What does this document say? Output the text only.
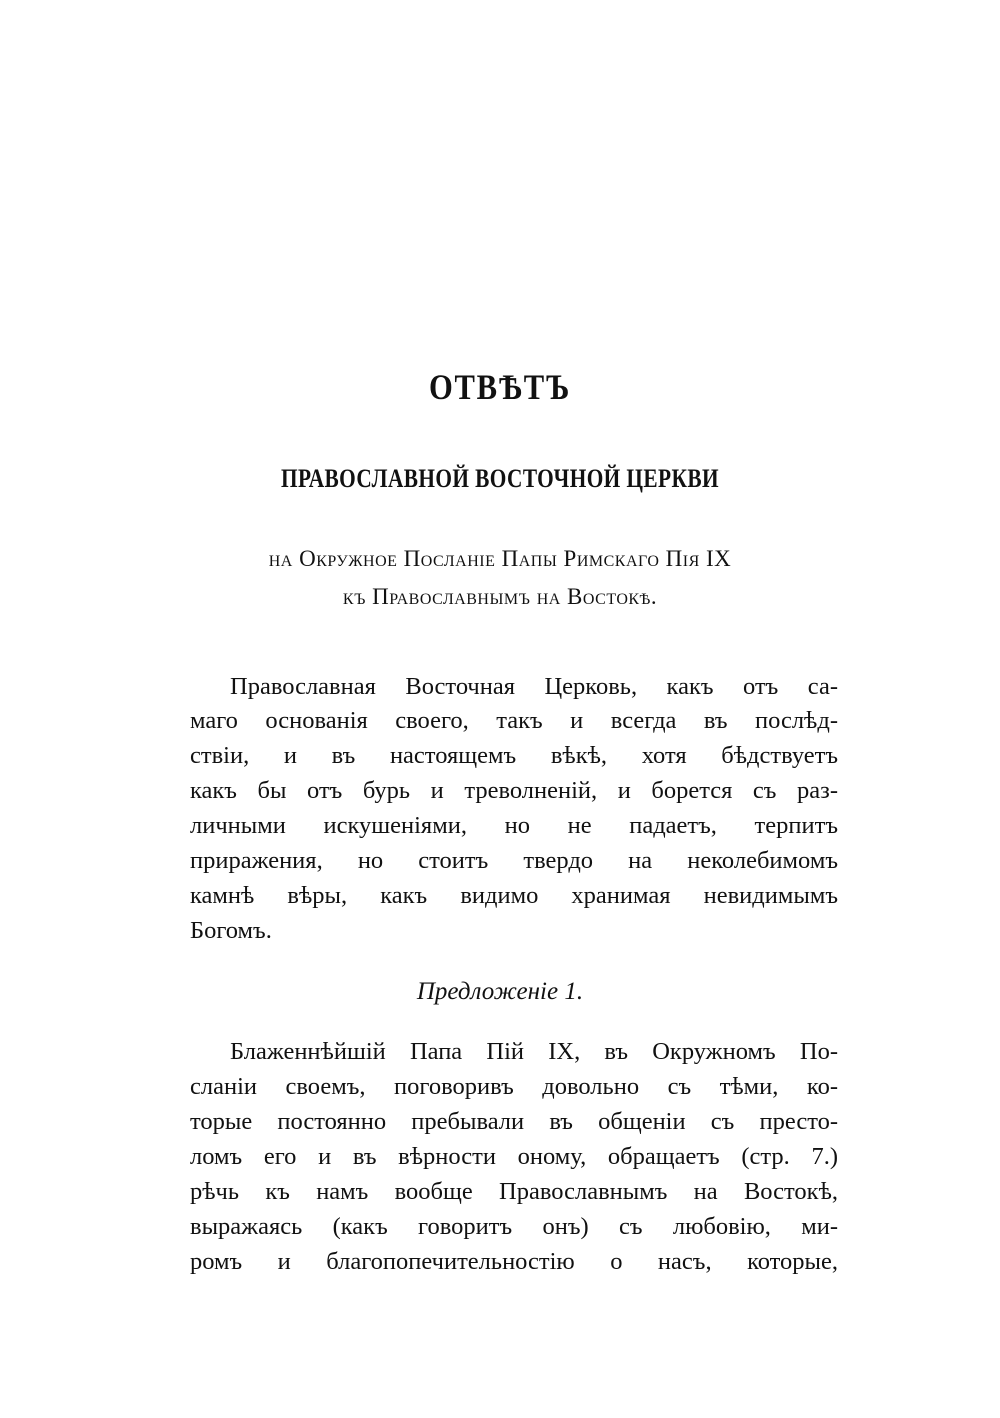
ОТВѢТЪ
ПРАВОСЛАВНОЙ ВОСТОЧНОЙ ЦЕРКВИ
на Окружное Посланіе Папы Римскаго Пія IX
къ Православнымъ на Востокѣ.
Православная Восточная Церковь, какъ отъ са-
маго основанія своего, такъ и всегда въ послѣд-
ствіи, и въ настоящемъ вѣкѣ, хотя бѣдствуетъ
какъ бы отъ бурь и треволненій, и борется съ раз-
личными искушеніями, но не падаетъ, терпитъ
приражения, но стоитъ твердо на неколебимомъ
камнѣ вѣры, какъ видимо хранимая невидимымъ
Богомъ.
Предложеніе 1.
Блаженнѣйшій Папа Пій IX, въ Окружномъ По-
сланіи своемъ, поговоривъ довольно съ тѣми, ко-
торые постоянно пребывали въ общеніи съ престо-
ломъ его и въ вѣрности оному, обращаетъ (стр. 7.)
рѣчь къ намъ вообще Православнымъ на Востокѣ,
выражаясь (какъ говоритъ онъ) съ любовію, ми-
ромъ и благопопечительностію о насъ, которые,
